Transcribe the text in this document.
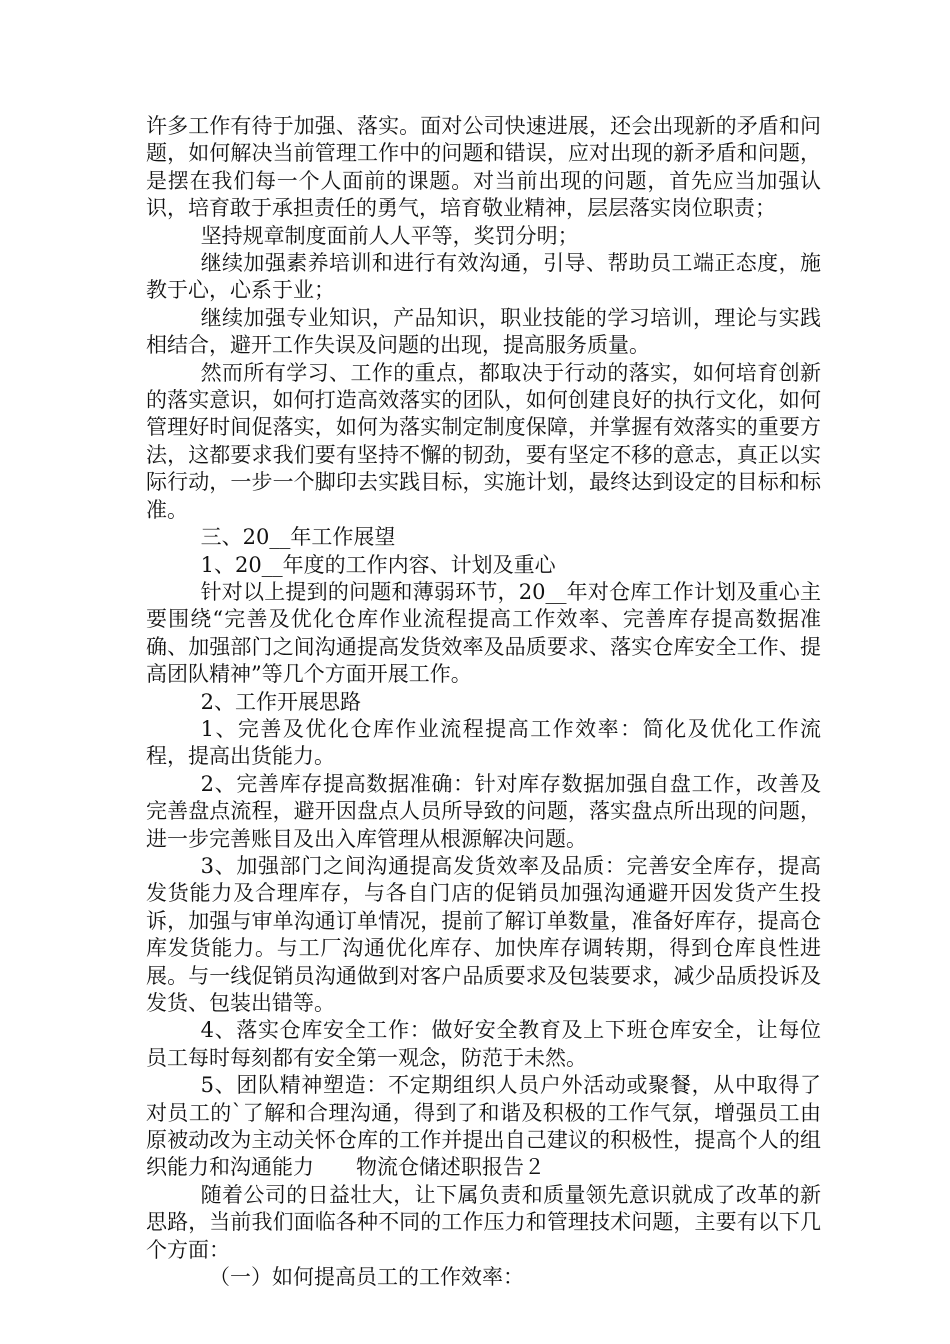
许多工作有待于加强、落实。面对公司快速进展，还会出现新的矛盾和问题，如何解决当前管理工作中的问题和错误，应对出现的新矛盾和问题，是摆在我们每一个人面前的课题。对当前出现的问题，首先应当加强认识，培育敢于承担责任的勇气，培育敬业精神，层层落实岗位职责；

坚持规章制度面前人人平等，奖罚分明；

继续加强素养培训和进行有效沟通，引导、帮助员工端正态度，施教于心，心系于业；

继续加强专业知识，产品知识，职业技能的学习培训，理论与实践相结合，避开工作失误及问题的出现，提高服务质量。

然而所有学习、工作的重点，都取决于行动的落实，如何培育创新的落实意识，如何打造高效落实的团队，如何创建良好的执行文化，如何管理好时间促落实，如何为落实制定制度保障，并掌握有效落实的重要方法，这都要求我们要有坚持不懈的韧劲，要有坚定不移的意志，真正以实际行动，一步一个脚印去实践目标，实施计划，最终达到设定的目标和标准。

三、20__年工作展望

1、20__年度的工作内容、计划及重心

针对以上提到的问题和薄弱环节，20__年对仓库工作计划及重心主要围绕“完善及优化仓库作业流程提高工作效率、完善库存提高数据准确、加强部门之间沟通提高发货效率及品质要求、落实仓库安全工作、提高团队精神”等几个方面开展工作。

2、工作开展思路

1、完善及优化仓库作业流程提高工作效率：简化及优化工作流程，提高出货能力。

2、完善库存提高数据准确：针对库存数据加强自盘工作，改善及完善盘点流程，避开因盘点人员所导致的问题，落实盘点所出现的问题，进一步完善账目及出入库管理从根源解决问题。

3、加强部门之间沟通提高发货效率及品质：完善安全库存，提高发货能力及合理库存，与各自门店的促销员加强沟通避开因发货产生投诉，加强与审单沟通订单情况，提前了解订单数量，准备好库存，提高仓库发货能力。与工厂沟通优化库存、加快库存调转期，得到仓库良性进展。与一线促销员沟通做到对客户品质要求及包装要求，减少品质投诉及发货、包装出错等。

4、落实仓库安全工作：做好安全教育及上下班仓库安全，让每位员工每时每刻都有安全第一观念，防范于未然。

5、团队精神塑造：不定期组织人员户外活动或聚餐，从中取得了对员工的`了解和合理沟通，得到了和谐及积极的工作气氛，增强员工由原被动改为主动关怀仓库的工作并提出自己建议的积极性，提高个人的组织能力和沟通能力　　物流仓储述职报告２

随着公司的日益壮大，让下属负责和质量领先意识就成了改革的新思路，当前我们面临各种不同的工作压力和管理技术问题，主要有以下几个方面：

（一）如何提高员工的工作效率：
